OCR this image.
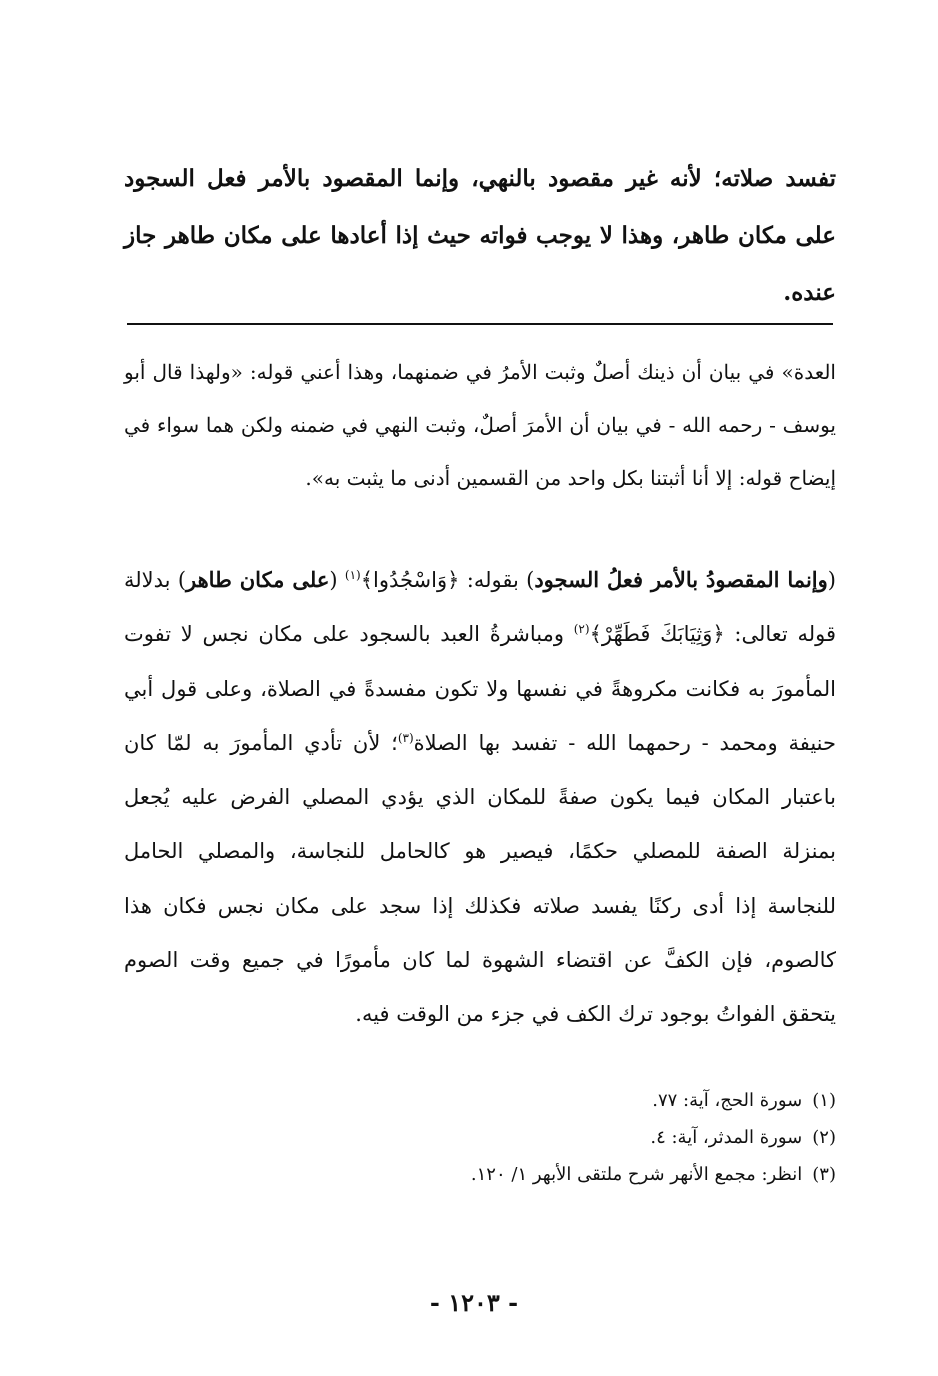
تفسد صلاته؛ لأنه غير مقصود بالنهي، وإنما المقصود بالأمر فعل السجود على مكان طاهر، وهذا لا يوجب فواته حيث إذا أعادها على مكان طاهر جاز عنده.

العدة» في بيان أن ذينك أصلٌ وثبت الأمرُ في ضمنهما، وهذا أعني قوله: «ولهذا قال أبو يوسف - رحمه الله - في بيان أن الأمرَ أصلٌ، وثبت النهي في ضمنه ولكن هما سواء في إيضاح قوله: إلا أنا أثبتنا بكل واحد من القسمين أدنى ما يثبت به».

(وإنما المقصودُ بالأمر فعلُ السجود) بقوله: ﴿وَاسْجُدُوا﴾$^{(١)}$ (على مكان طاهر) بدلالة قوله تعالى: ﴿وَثِيَابَكَ فَطَهِّرْ﴾$^{(٢)}$ ومباشرةُ العبد بالسجود على مكان نجس لا تفوت المأمورَ به فكانت مكروهةً في نفسها ولا تكون مفسدةً في الصلاة، وعلى قول أبي حنيفة ومحمد - رحمهما الله - تفسد بها الصلاة$^{(٣)}$؛ لأن تأدي المأمورَ به لمّا كان باعتبار المكان فيما يكون صفةً للمكان الذي يؤدي المصلي الفرض عليه يُجعل بمنزلة الصفة للمصلي حكمًا، فيصير هو كالحامل للنجاسة، والمصلي الحامل للنجاسة إذا أدى ركنًا يفسد صلاته فكذلك إذا سجد على مكان نجس فكان هذا كالصوم، فإن الكفَّ عن اقتضاء الشهوة لما كان مأمورًا في جميع وقت الصوم يتحقق الفواتُ بوجود ترك الكف في جزء من الوقت فيه.

(١)سورة الحج، آية: ٧٧.
(٢)سورة المدثر، آية: ٤.
(٣)انظر: مجمع الأنهر شرح ملتقى الأبهر ١/ ١٢٠.
- ١٢٠٣ -
